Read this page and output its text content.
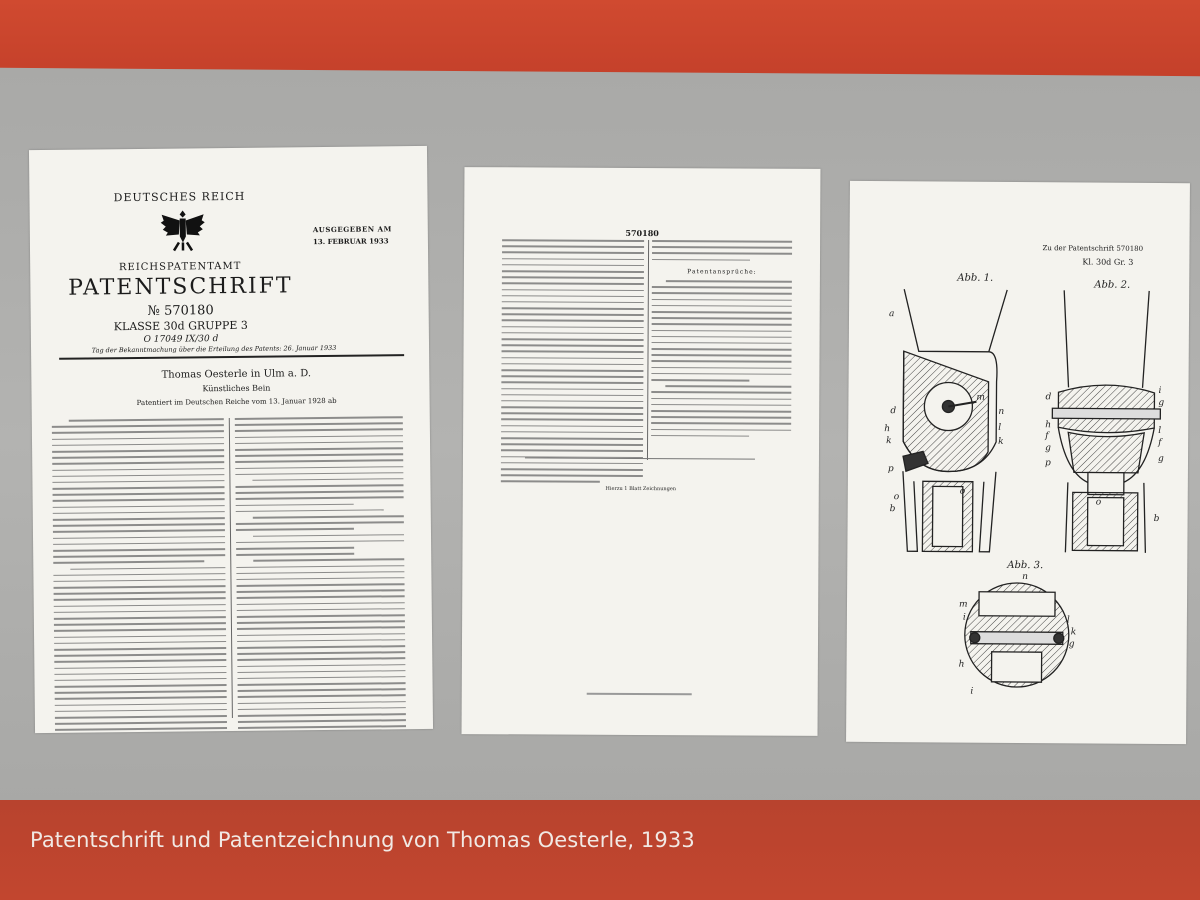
DEUTSCHES REICH
AUSGEGEBEN AM
13. FEBRUAR 1933
REICHSPATENTAMT
PATENTSCHRIFT
№ 570180
KLASSE 30d GRUPPE 3
O 17049 IX/30 d
Tag der Bekanntmachung über die Erteilung des Patents: 26. Januar 1933
Thomas Oesterle in Ulm a. D.
Künstliches Bein
Patentiert im Deutschen Reiche vom 13. Januar 1928 ab
570180
Patentansprüche:
Hierzu 1 Blatt Zeichnungen
Zu der Patentschrift 570180
Kl. 30d Gr. 3
Abb. 1.
Abb. 2.
Abb. 3.
a
d
h
k
p
o
b
m
n
l
k
o
d
h
f
g
p
o
i
g
l
f
g
b
n
m
i	l
k
g
h
i
Patentschrift und Patentzeichnung von Thomas Oesterle, 1933
